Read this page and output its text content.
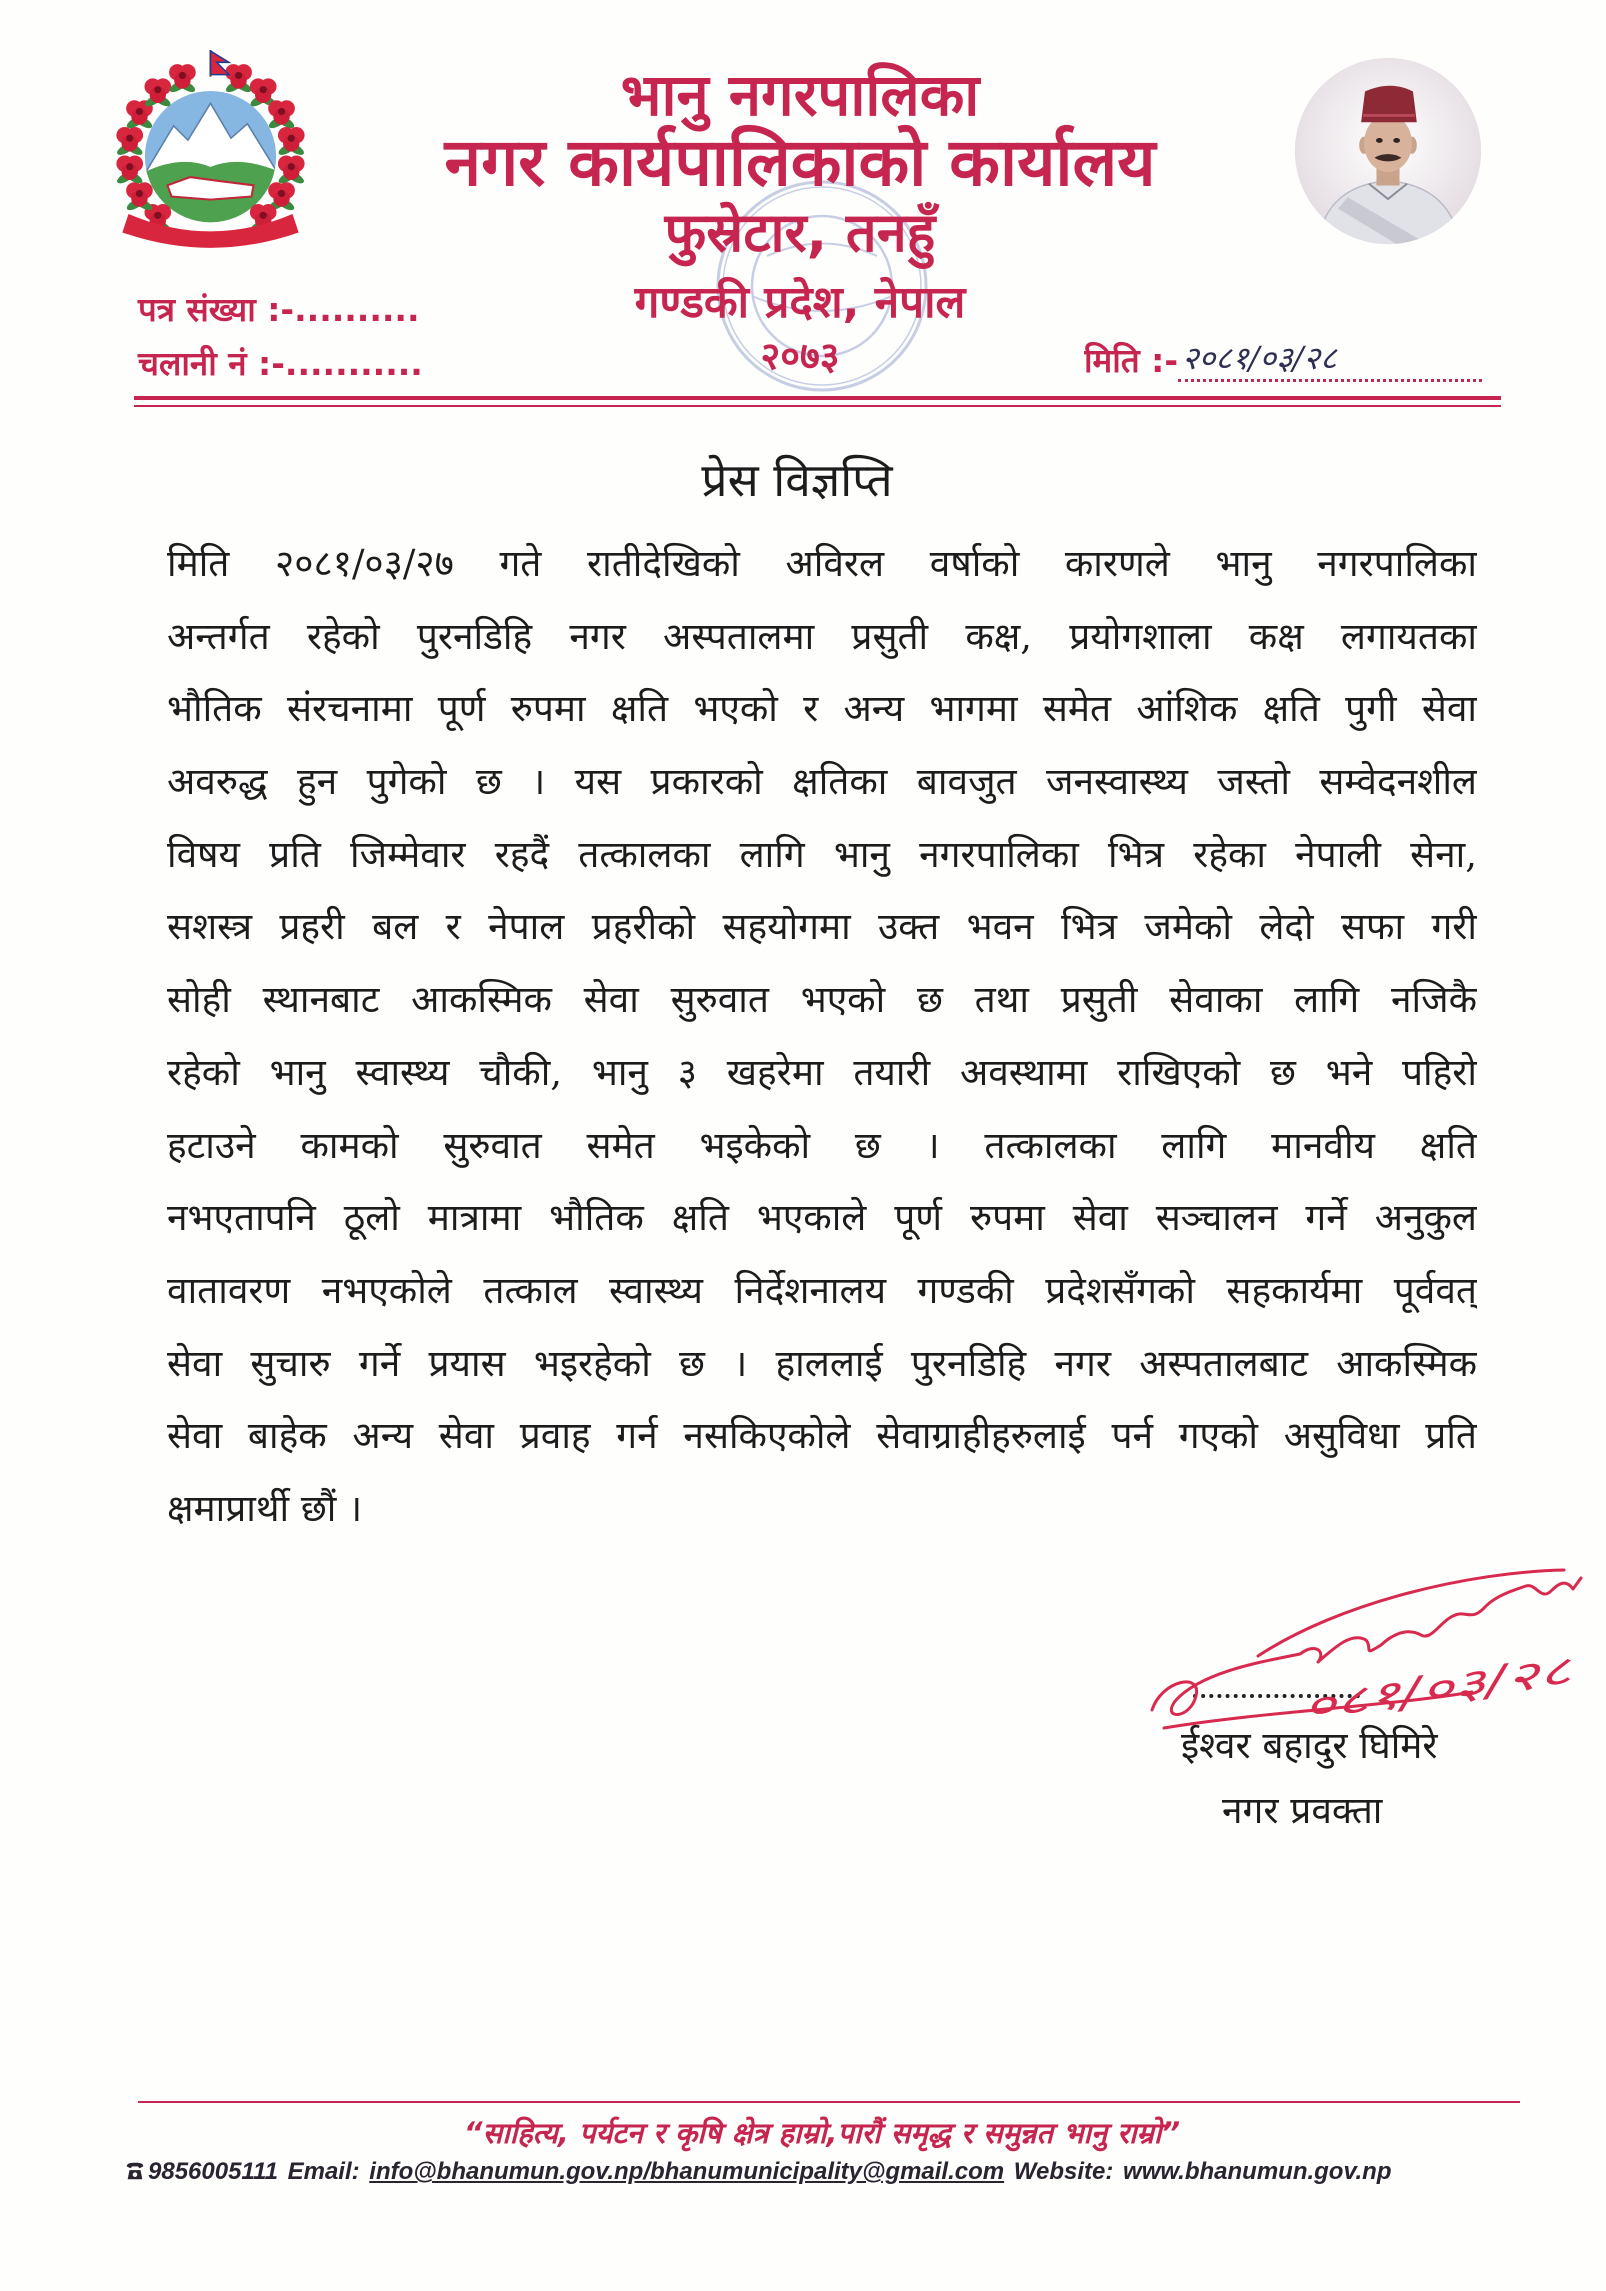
भानु नगरपालिका
नगर कार्यपालिकाको कार्यालय
फुस्रेटार, तनहुँ
गण्डकी प्रदेश, नेपाल
२०७३
पत्र संख्या :-..........
चलानी नं :-...........	मिति :- २०८१/०३/२८
प्रेस विज्ञप्ति
मिति २०८१/०३/२७ गते रातीदेखिको अविरल वर्षाको कारणले भानु नगरपालिका
अन्तर्गत रहेको पुरनडिहि नगर अस्पतालमा प्रसुती कक्ष, प्रयोगशाला कक्ष लगायतका
भौतिक संरचनामा पूर्ण रुपमा क्षति भएको र अन्य भागमा समेत आंशिक क्षति पुगी सेवा
अवरुद्ध हुन पुगेको छ । यस प्रकारको क्षतिका बावजुत जनस्वास्थ्य जस्तो सम्वेदनशील
विषय प्रति जिम्मेवार रहदैं तत्कालका लागि भानु नगरपालिका भित्र रहेका नेपाली सेना,
सशस्त्र प्रहरी बल र नेपाल प्रहरीको सहयोगमा उक्त भवन भित्र जमेको लेदो सफा गरी
सोही स्थानबाट आकस्मिक सेवा सुरुवात भएको छ तथा प्रसुती सेवाका लागि नजिकै
रहेको भानु स्वास्थ्य चौकी, भानु ३ खहरेमा तयारी अवस्थामा राखिएको छ भने पहिरो
हटाउने कामको सुरुवात समेत भइकेको छ । तत्कालका लागि मानवीय क्षति
नभएतापनि ठूलो मात्रामा भौतिक क्षति भएकाले पूर्ण रुपमा सेवा सञ्चालन गर्ने अनुकुल
वातावरण नभएकोले तत्काल स्वास्थ्य निर्देशनालय गण्डकी प्रदेशसँगको सहकार्यमा पूर्ववत्
सेवा सुचारु गर्ने प्रयास भइरहेको छ । हाललाई पुरनडिहि नगर अस्पतालबाट आकस्मिक
सेवा बाहेक अन्य सेवा प्रवाह गर्न नसकिएकोले सेवाग्राहीहरुलाई पर्न गएको असुविधा प्रति
क्षमाप्रार्थी छौं ।
०८१/०३/२८
ईश्वर बहादुर घिमिरे
नगर प्रवक्ता
“साहित्य, पर्यटन र कृषि क्षेत्र हाम्रो,पारौं समृद्ध र समुन्नत भानु राम्रो”
9856005111 Email: info@bhanumun.gov.np/bhanumunicipality@gmail.com Website: www.bhanumun.gov.np
